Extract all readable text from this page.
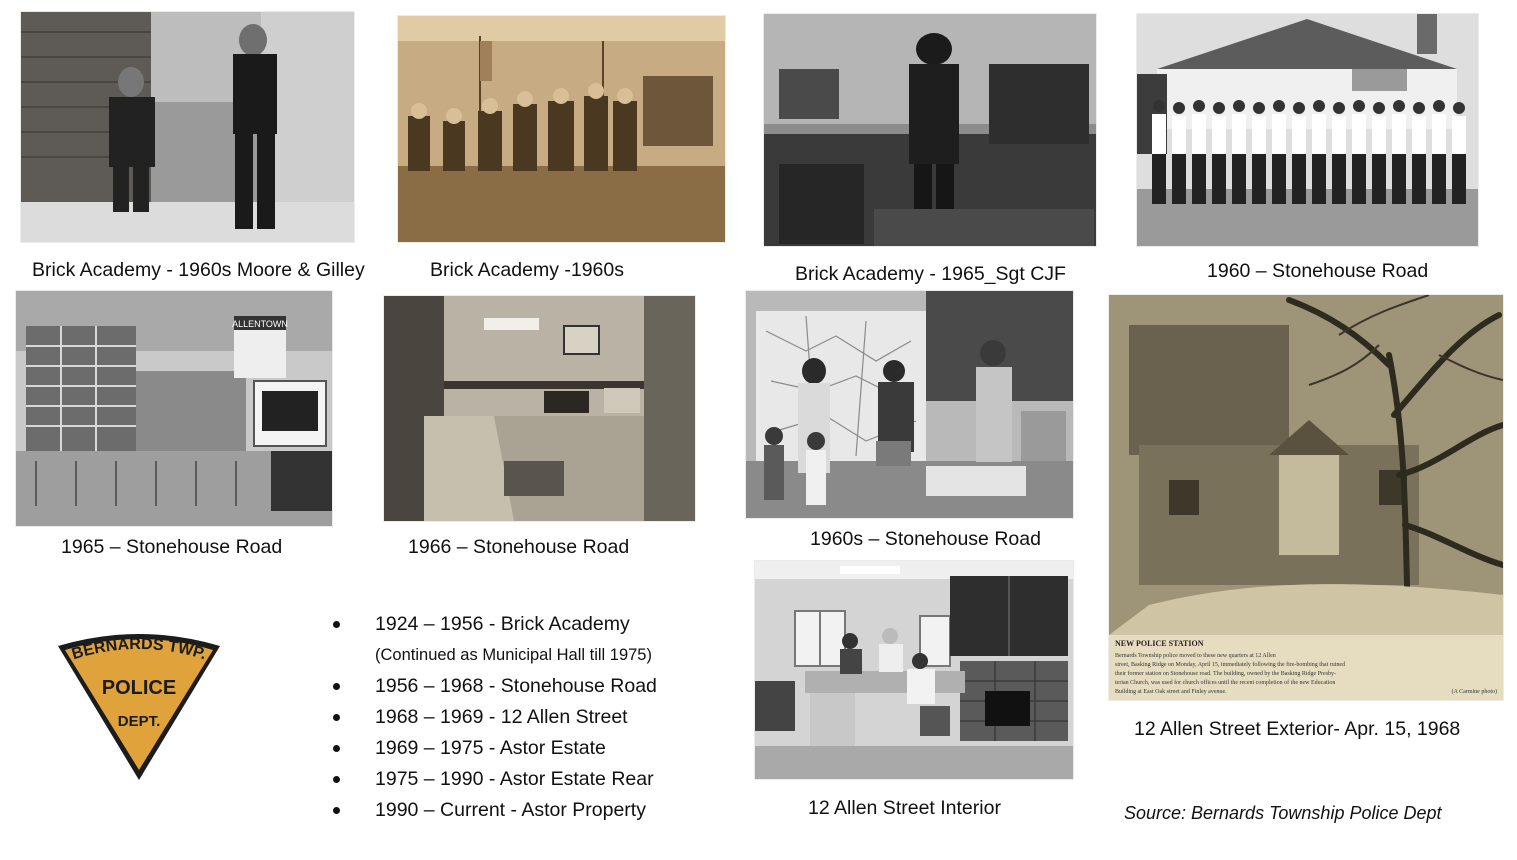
Brick Academy - 1960s Moore & Gilley	Brick Academy -1960s	Brick Academy - 1965_Sgt CJF	1960 – Stonehouse Road
ALLENTOWN
NEW POLICE STATION
Bernards Township police moved to these new quarters at 12 Allen
street, Basking Ridge on Monday, April 15, immediately following the fire-bombing that ruined
their former station on Stonehouse road. The building, owned by the Basking Ridge Presby-
terian Church, was used for church offices until the recent completion of the new Education
Building at East Oak street and Finley avenue.	(A Carmine photo)
1965 – Stonehouse Road	1966 – Stonehouse Road	1960s – Stonehouse Road
12 Allen Street Exterior- Apr. 15, 1968
12 Allen Street Interior
BERNARDS TWP.
POLICE
DEPT.
1924 – 1956 - Brick Academy
(Continued as Municipal Hall till 1975)
1956 – 1968 - Stonehouse Road
1968 – 1969 - 12 Allen Street
1969 – 1975 - Astor Estate
1975 – 1990 - Astor Estate Rear
1990 – Current - Astor Property	Source: Bernards Township Police Dept
